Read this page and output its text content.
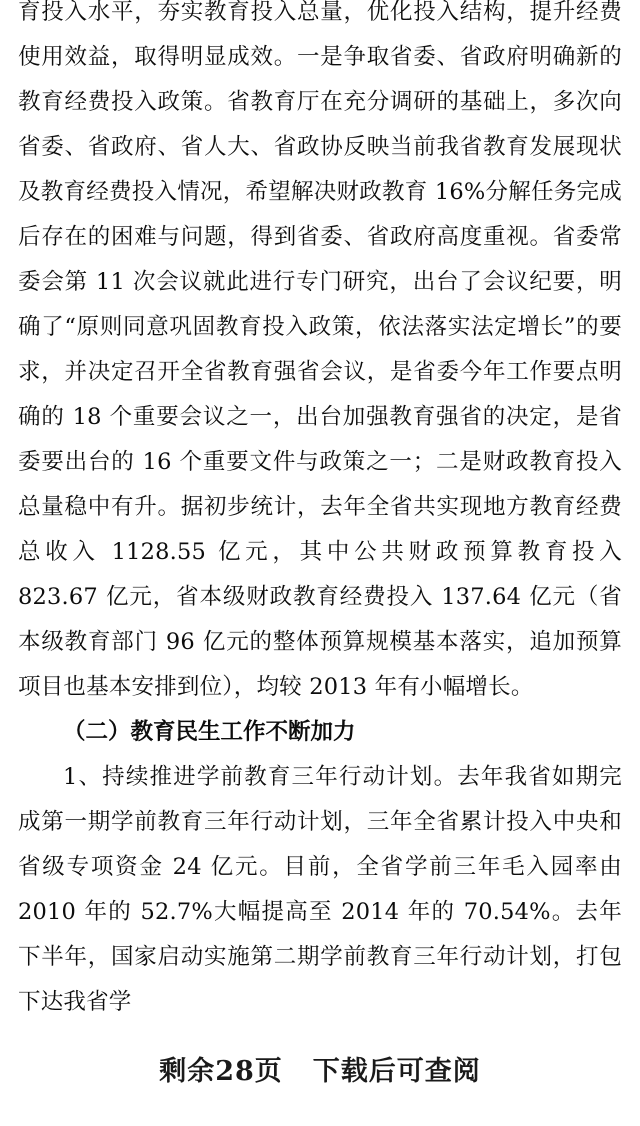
育投入水平，夯实教育投入总量，优化投入结构，提升经费使用效益，取得明显成效。一是争取省委、省政府明确新的教育经费投入政策。省教育厅在充分调研的基础上，多次向省委、省政府、省人大、省政协反映当前我省教育发展现状及教育经费投入情况，希望解决财政教育 16%分解任务完成后存在的困难与问题，得到省委、省政府高度重视。省委常委会第 11 次会议就此进行专门研究，出台了会议纪要，明确了“原则同意巩固教育投入政策，依法落实法定增长”的要求，并决定召开全省教育强省会议，是省委今年工作要点明确的 18 个重要会议之一，出台加强教育强省的决定，是省委要出台的 16 个重要文件与政策之一；二是财政教育投入总量稳中有升。据初步统计，去年全省共实现地方教育经费总收入 1128.55 亿元，其中公共财政预算教育投入 823.67 亿元，省本级财政教育经费投入 137.64 亿元（省本级教育部门 96 亿元的整体预算规模基本落实，追加预算项目也基本安排到位），均较 2013 年有小幅增长。

（二）教育民生工作不断加力

1、持续推进学前教育三年行动计划。去年我省如期完成第一期学前教育三年行动计划，三年全省累计投入中央和省级专项资金 24 亿元。目前，全省学前三年毛入园率由 2010 年的 52.7%大幅提高至 2014 年的 70.54%。去年下半年，国家启动实施第二期学前教育三年行动计划，打包下达我省学

剩余28页 下载后可查阅
